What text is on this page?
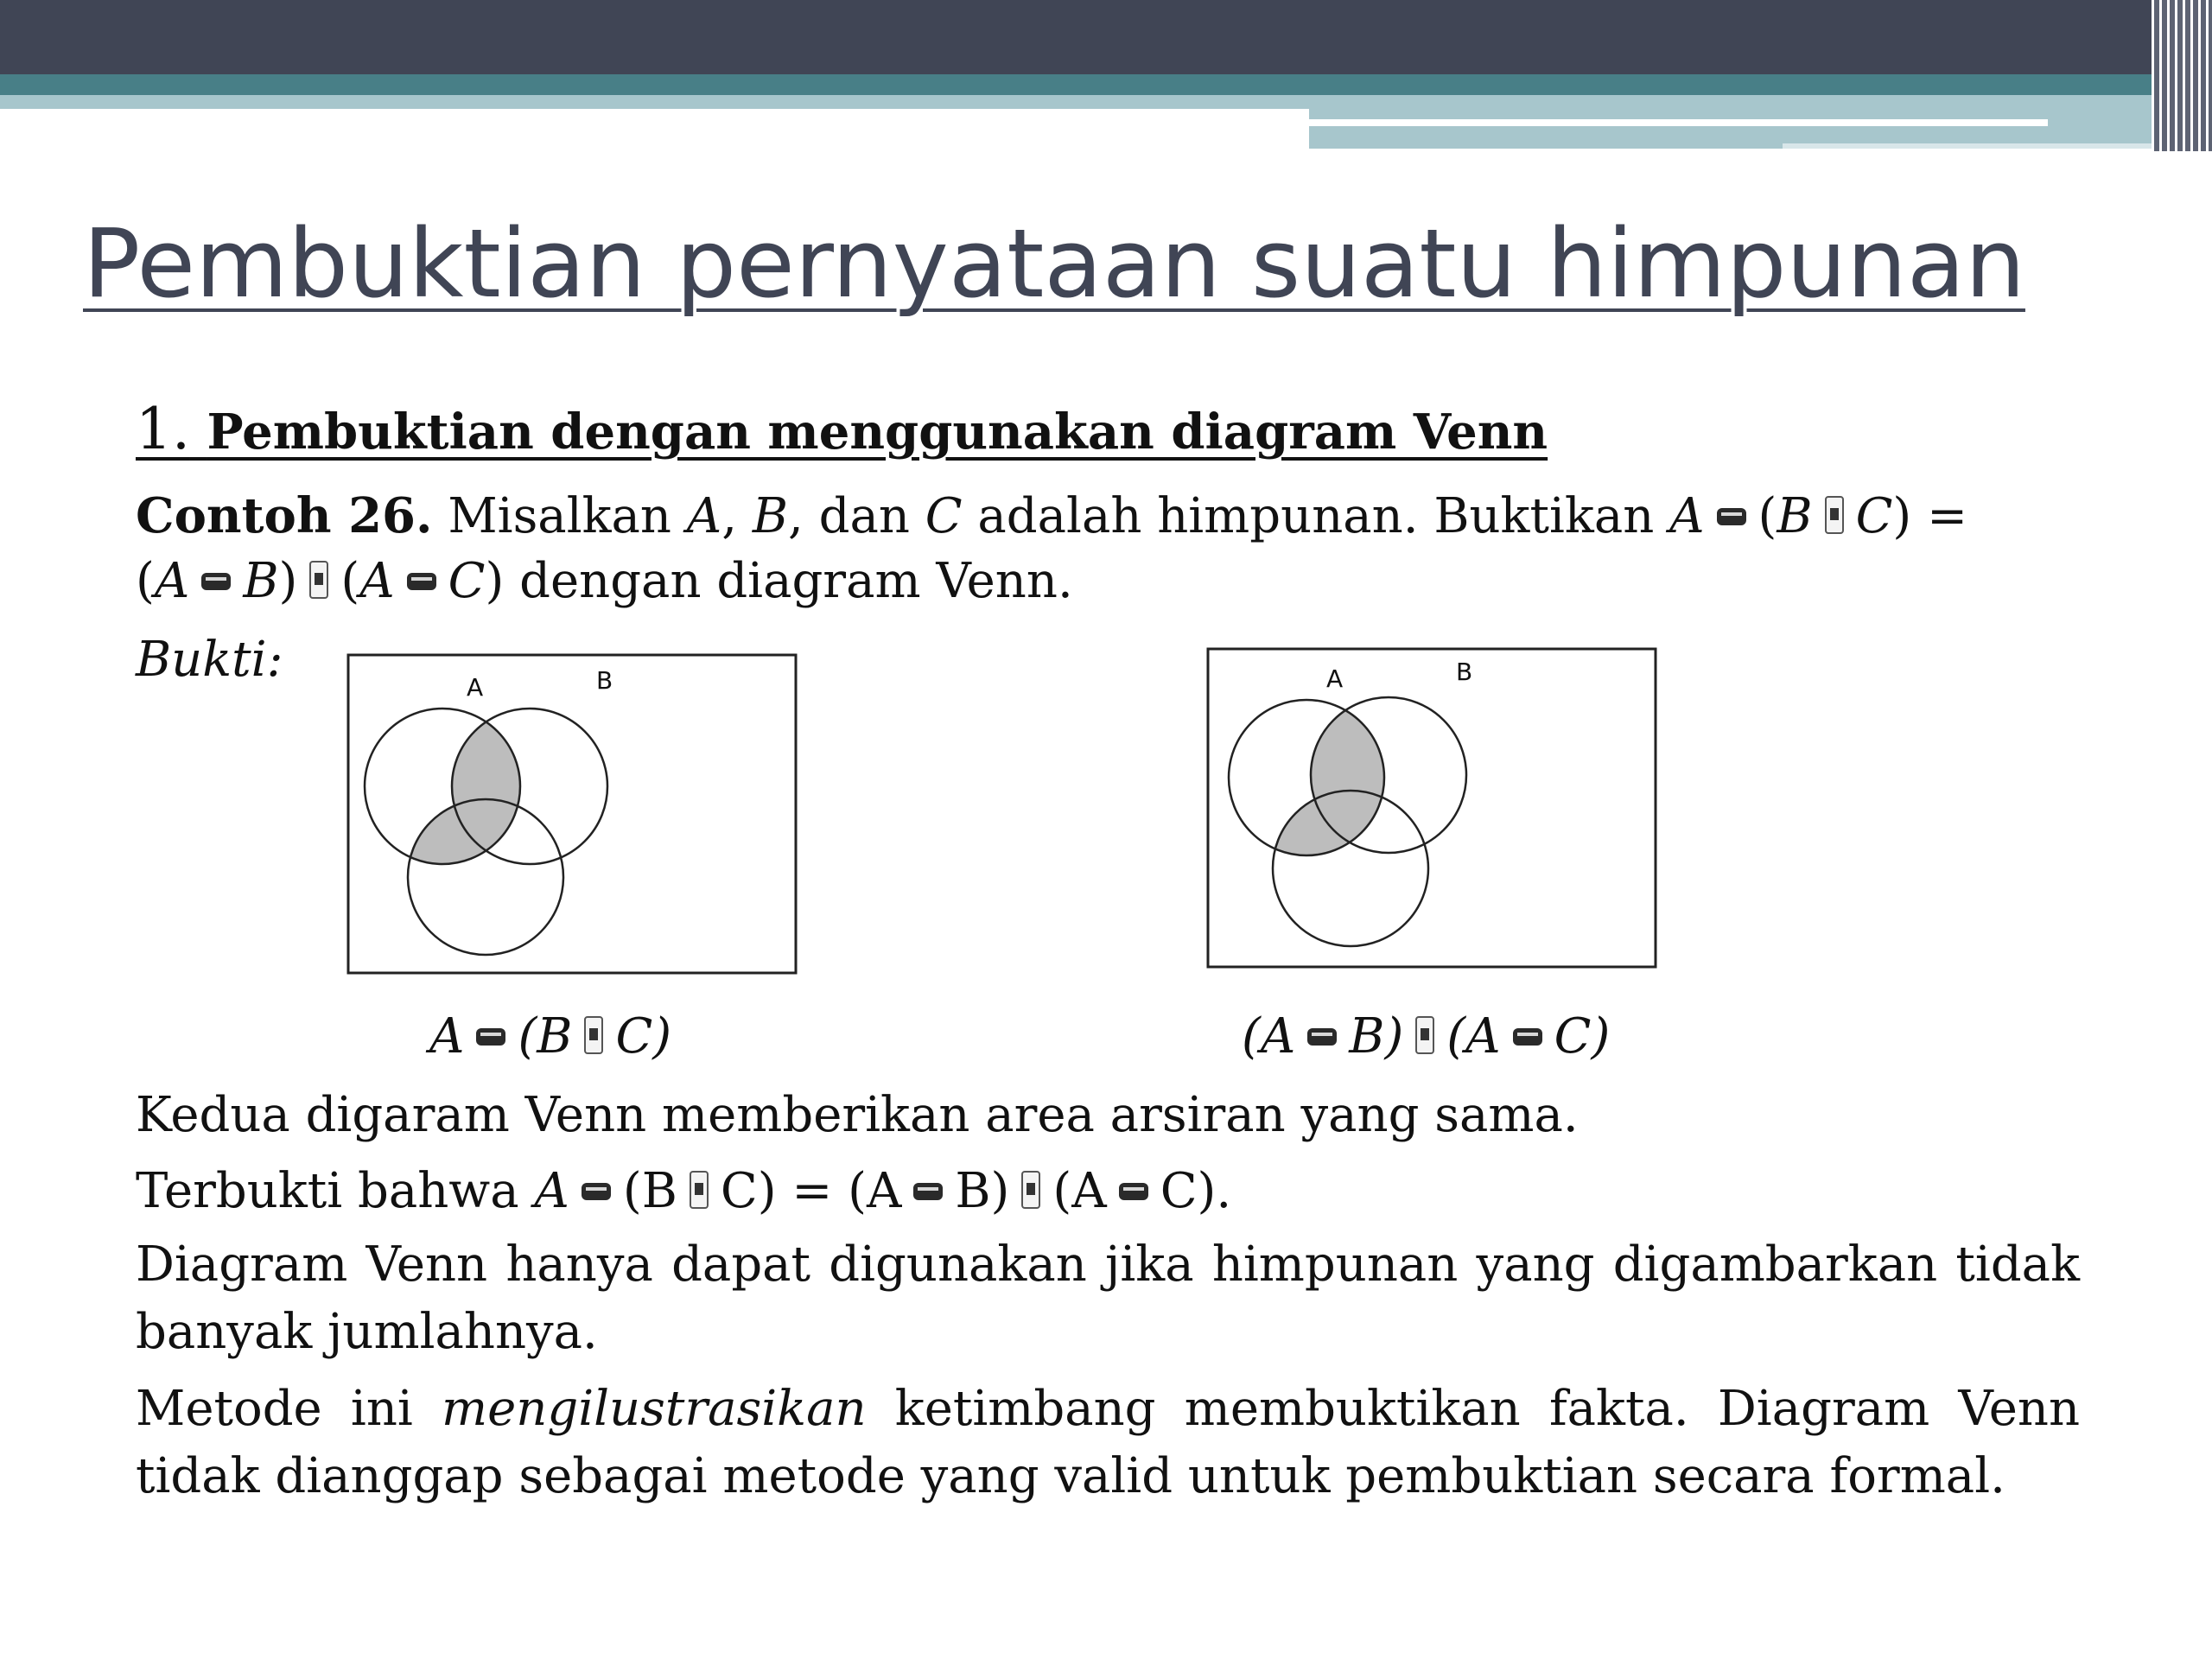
Pembuktian pernyataan suatu himpunan

1. Pembuktian dengan menggunakan diagram Venn

Contoh 26. Misalkan A, B, dan C adalah himpunan. Buktikan A (B C) =

(A B) (A C) dengan diagram Venn.

Bukti:	A	B	A	B

A (B C)	(A B) (A C)

Kedua digaram Venn memberikan area arsiran yang sama.

Terbukti bahwa A (B C) = (A B) (A C).

Diagram Venn hanya dapat digunakan jika himpunan yang digambarkan tidak banyak jumlahnya.

Metode ini mengilustrasikan ketimbang membuktikan fakta. Diagram Venn tidak dianggap sebagai metode yang valid untuk pembuktian secara formal.
